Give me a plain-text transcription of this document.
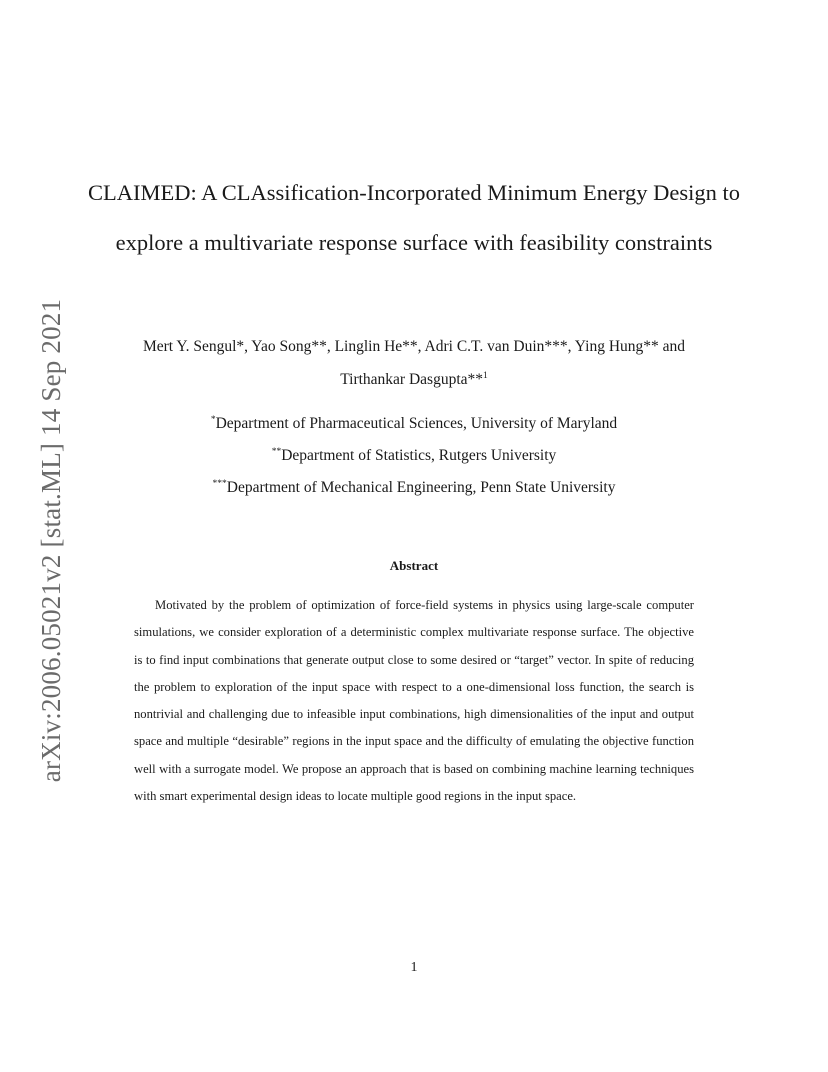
arXiv:2006.05021v2 [stat.ML] 14 Sep 2021
CLAIMED: A CLAssification-Incorporated Minimum Energy Design to explore a multivariate response surface with feasibility constraints
Mert Y. Sengul*, Yao Song**, Linglin He**, Adri C.T. van Duin***, Ying Hung** and
Tirthankar Dasgupta**$^1$
*Department of Pharmaceutical Sciences, University of Maryland
**Department of Statistics, Rutgers University
***Department of Mechanical Engineering, Penn State University
Abstract

Motivated by the problem of optimization of force-field systems in physics using large-scale computer simulations, we consider exploration of a deterministic complex multivariate response surface. The objective is to find input combinations that generate output close to some desired or “target” vector. In spite of reducing the problem to exploration of the input space with respect to a one-dimensional loss function, the search is nontrivial and challenging due to infeasible input combinations, high dimensionalities of the input and output space and multiple “desirable” regions in the input space and the difficulty of emulating the objective function well with a surrogate model. We propose an approach that is based on combining machine learning techniques with smart experimental design ideas to locate multiple good regions in the input space.

1
